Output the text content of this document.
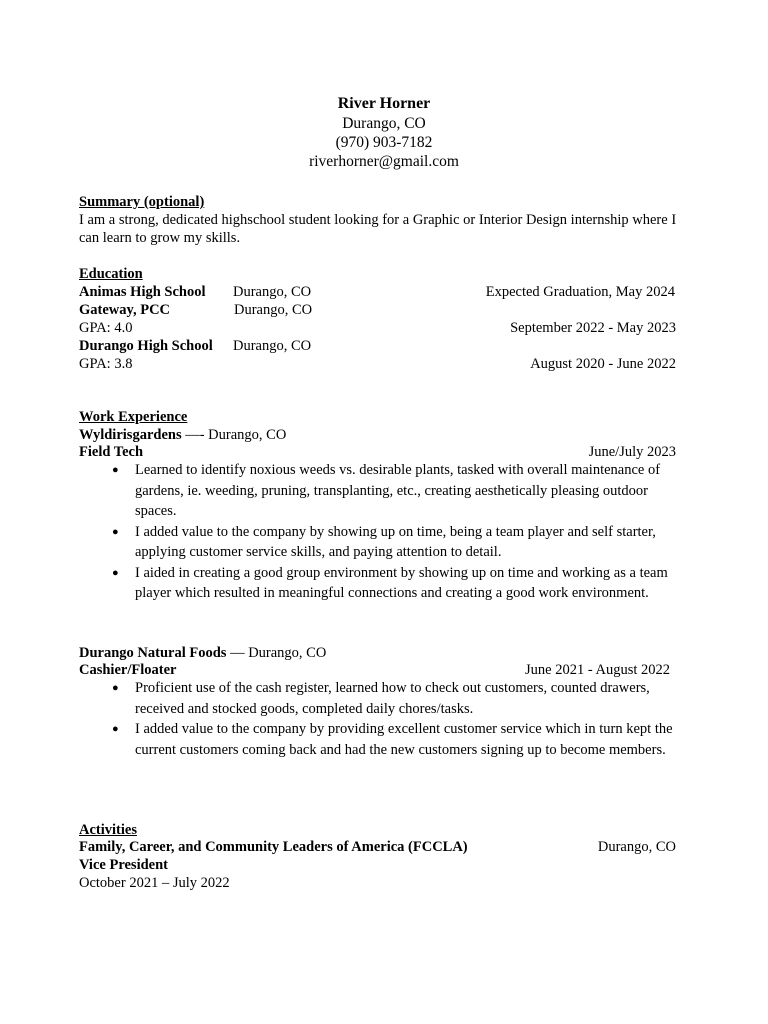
River Horner
Durango, CO
(970) 903-7182
riverhorner@gmail.com
Summary (optional)
I am a strong, dedicated highschool student looking for a Graphic or Interior Design internship where I can learn to grow my skills.
Education
Animas High School Durango, CO	Expected Graduation, May 2024
Gateway, PCC	Durango, CO
GPA: 4.0	September 2022 - May 2023
Durango High School Durango, CO
GPA: 3.8	August 2020 - June 2022
Work Experience
Wyldirisgardens —- Durango, CO
Field Tech	June/July 2023
● Learned to identify noxious weeds vs. desirable plants, tasked with overall maintenance of gardens, ie. weeding, pruning, transplanting, etc., creating aesthetically pleasing outdoor spaces.
● I added value to the company by showing up on time, being a team player and self starter, applying customer service skills, and paying attention to detail.
● I aided in creating a good group environment by showing up on time and working as a team player which resulted in meaningful connections and creating a good work environment.
Durango Natural Foods — Durango, CO
Cashier/Floater	June 2021 - August 2022
● Proficient use of the cash register, learned how to check out customers, counted drawers, received and stocked goods, completed daily chores/tasks.
● I added value to the company by providing excellent customer service which in turn kept the current customers coming back and had the new customers signing up to become members.
Activities
Family, Career, and Community Leaders of America (FCCLA)	Durango, CO
Vice President
October 2021 – July 2022
